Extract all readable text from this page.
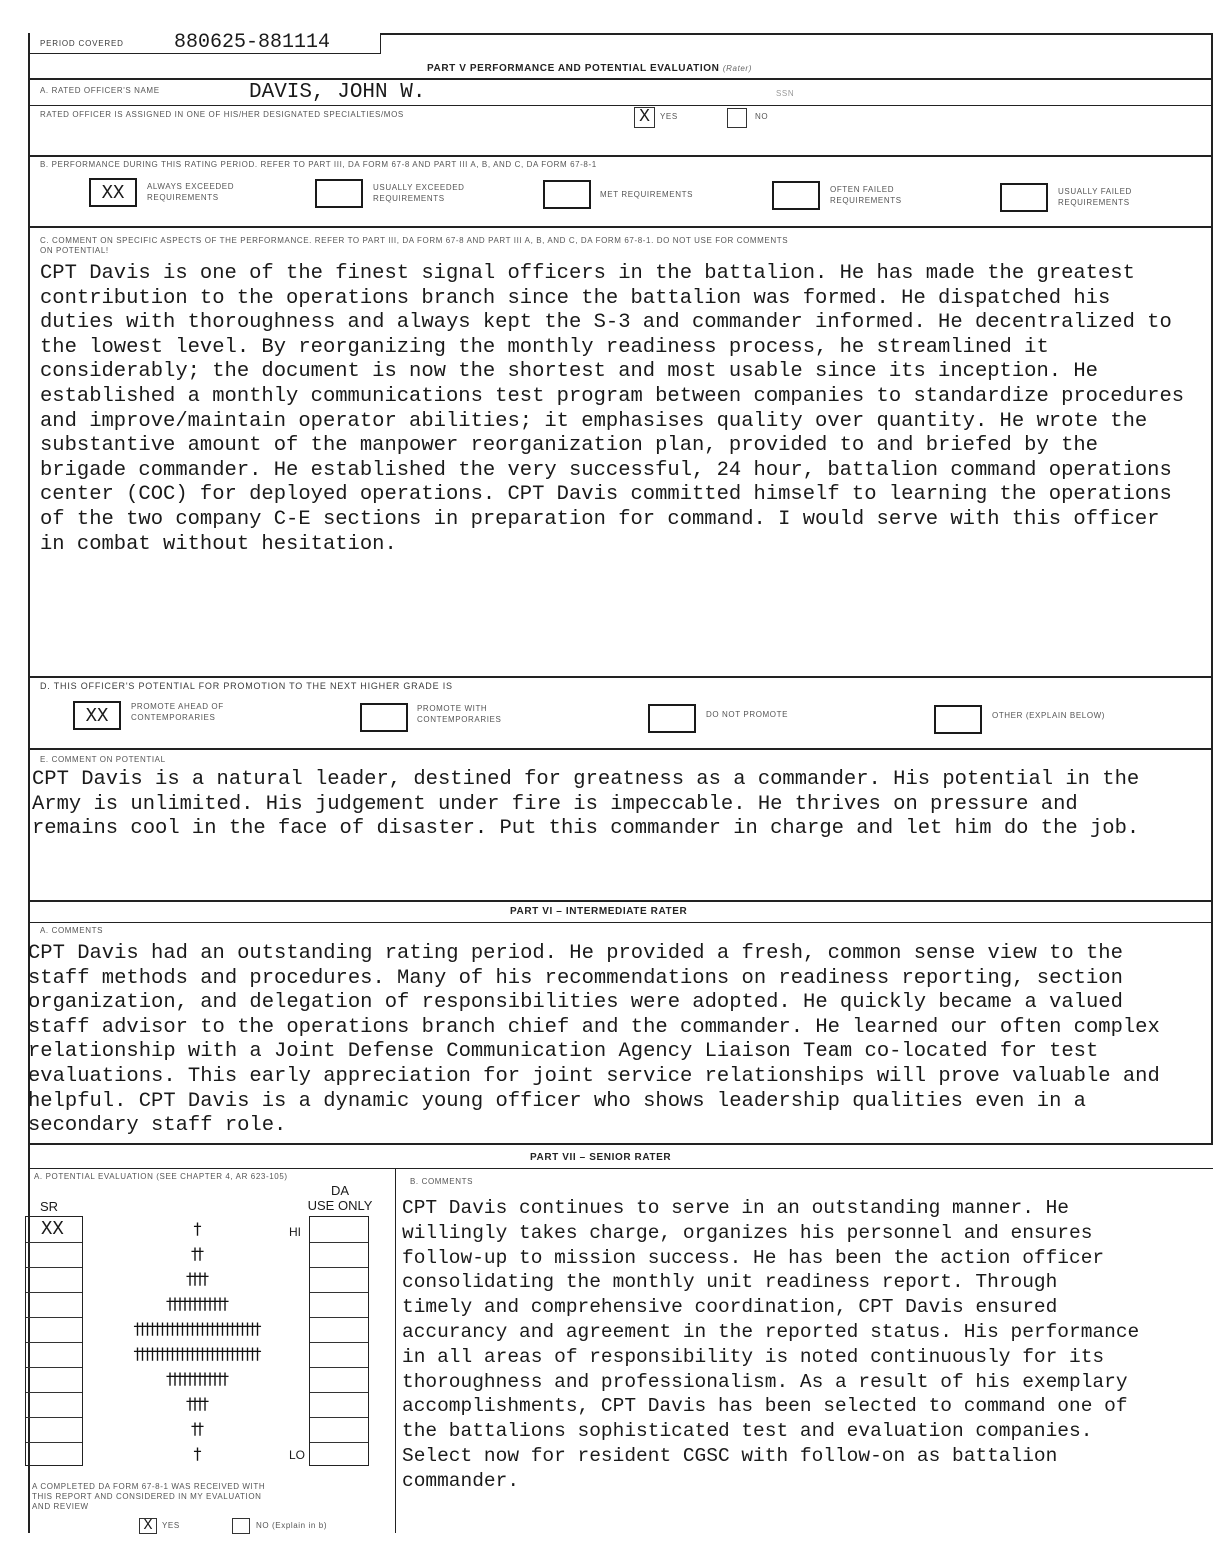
PERIOD COVERED	880625-881114
PART V PERFORMANCE AND POTENTIAL EVALUATION (Rater)
A. RATED OFFICER'S NAME	DAVIS, JOHN W.	SSN
RATED OFFICER IS ASSIGNED IN ONE OF HIS/HER DESIGNATED SPECIALTIES/MOS	X	YES	NO
B. PERFORMANCE DURING THIS RATING PERIOD. REFER TO PART III, DA FORM 67-8 AND PART III A, B, AND C, DA FORM 67-8-1
XX	ALWAYS EXCEEDED
REQUIREMENTS
USUALLY EXCEEDED
REQUIREMENTS	MET REQUIREMENTS
OFTEN FAILED
REQUIREMENTS
USUALLY FAILED
REQUIREMENTS
C. COMMENT ON SPECIFIC ASPECTS OF THE PERFORMANCE. REFER TO PART III, DA FORM 67-8 AND PART III A, B, AND C, DA FORM 67-8-1. DO NOT USE FOR COMMENTS
ON POTENTIAL!
CPT Davis is one of the finest signal officers in the battalion. He has made the greatest
contribution to the operations branch since the battalion was formed. He dispatched his
duties with thoroughness and always kept the S-3 and commander informed. He decentralized to
the lowest level. By reorganizing the monthly readiness process, he streamlined it
considerably; the document is now the shortest and most usable since its inception. He
established a monthly communications test program between companies to standardize procedures
and improve/maintain operator abilities; it emphasises quality over quantity. He wrote the
substantive amount of the manpower reorganization plan, provided to and briefed by the
brigade commander. He established the very successful, 24 hour, battalion command operations
center (COC) for deployed operations. CPT Davis committed himself to learning the operations
of the two company C-E sections in preparation for command. I would serve with this officer
in combat without hesitation.
D. THIS OFFICER'S POTENTIAL FOR PROMOTION TO THE NEXT HIGHER GRADE IS
XX	PROMOTE AHEAD OF
CONTEMPORARIES
PROMOTE WITH
CONTEMPORARIES
DO NOT PROMOTE	OTHER (EXPLAIN BELOW)
E. COMMENT ON POTENTIAL
CPT Davis is a natural leader, destined for greatness as a commander. His potential in the
Army is unlimited. His judgement under fire is impeccable. He thrives on pressure and
remains cool in the face of disaster. Put this commander in charge and let him do the job.
PART VI – INTERMEDIATE RATER
A. COMMENTS
CPT Davis had an outstanding rating period. He provided a fresh, common sense view to the
staff methods and procedures. Many of his recommendations on readiness reporting, section
organization, and delegation of responsibilities were adopted. He quickly became a valued
staff advisor to the operations branch chief and the commander. He learned our often complex
relationship with a Joint Defense Communication Agency Liaison Team co-located for test
evaluations. This early appreciation for joint service relationships will prove valuable and
helpful. CPT Davis is a dynamic young officer who shows leadership qualities even in a
secondary staff role.
PART VII – SENIOR RATER
A. POTENTIAL EVALUATION (SEE CHAPTER 4, AR 623-105)
SR
DA
USE ONLY
XX	HI
LO
†
††
††††
††††††††††††
†††††††††††††††††††††††††
†††††††††††††††††††††††††
††††††††††††
††††
††
†
A COMPLETED DA FORM 67-8-1 WAS RECEIVED WITH
THIS REPORT AND CONSIDERED IN MY EVALUATION
AND REVIEW
X	YES	NO (Explain in b)
B. COMMENTS
CPT Davis continues to serve in an outstanding manner. He
willingly takes charge, organizes his personnel and ensures
follow-up to mission success. He has been the action officer
consolidating the monthly unit readiness report. Through
timely and comprehensive coordination, CPT Davis ensured
accurancy and agreement in the reported status. His performance
in all areas of responsibility is noted continuously for its
thoroughness and professionalism. As a result of his exemplary
accomplishments, CPT Davis has been selected to command one of
the battalions sophisticated test and evaluation companies.
Select now for resident CGSC with follow-on as battalion
commander.
